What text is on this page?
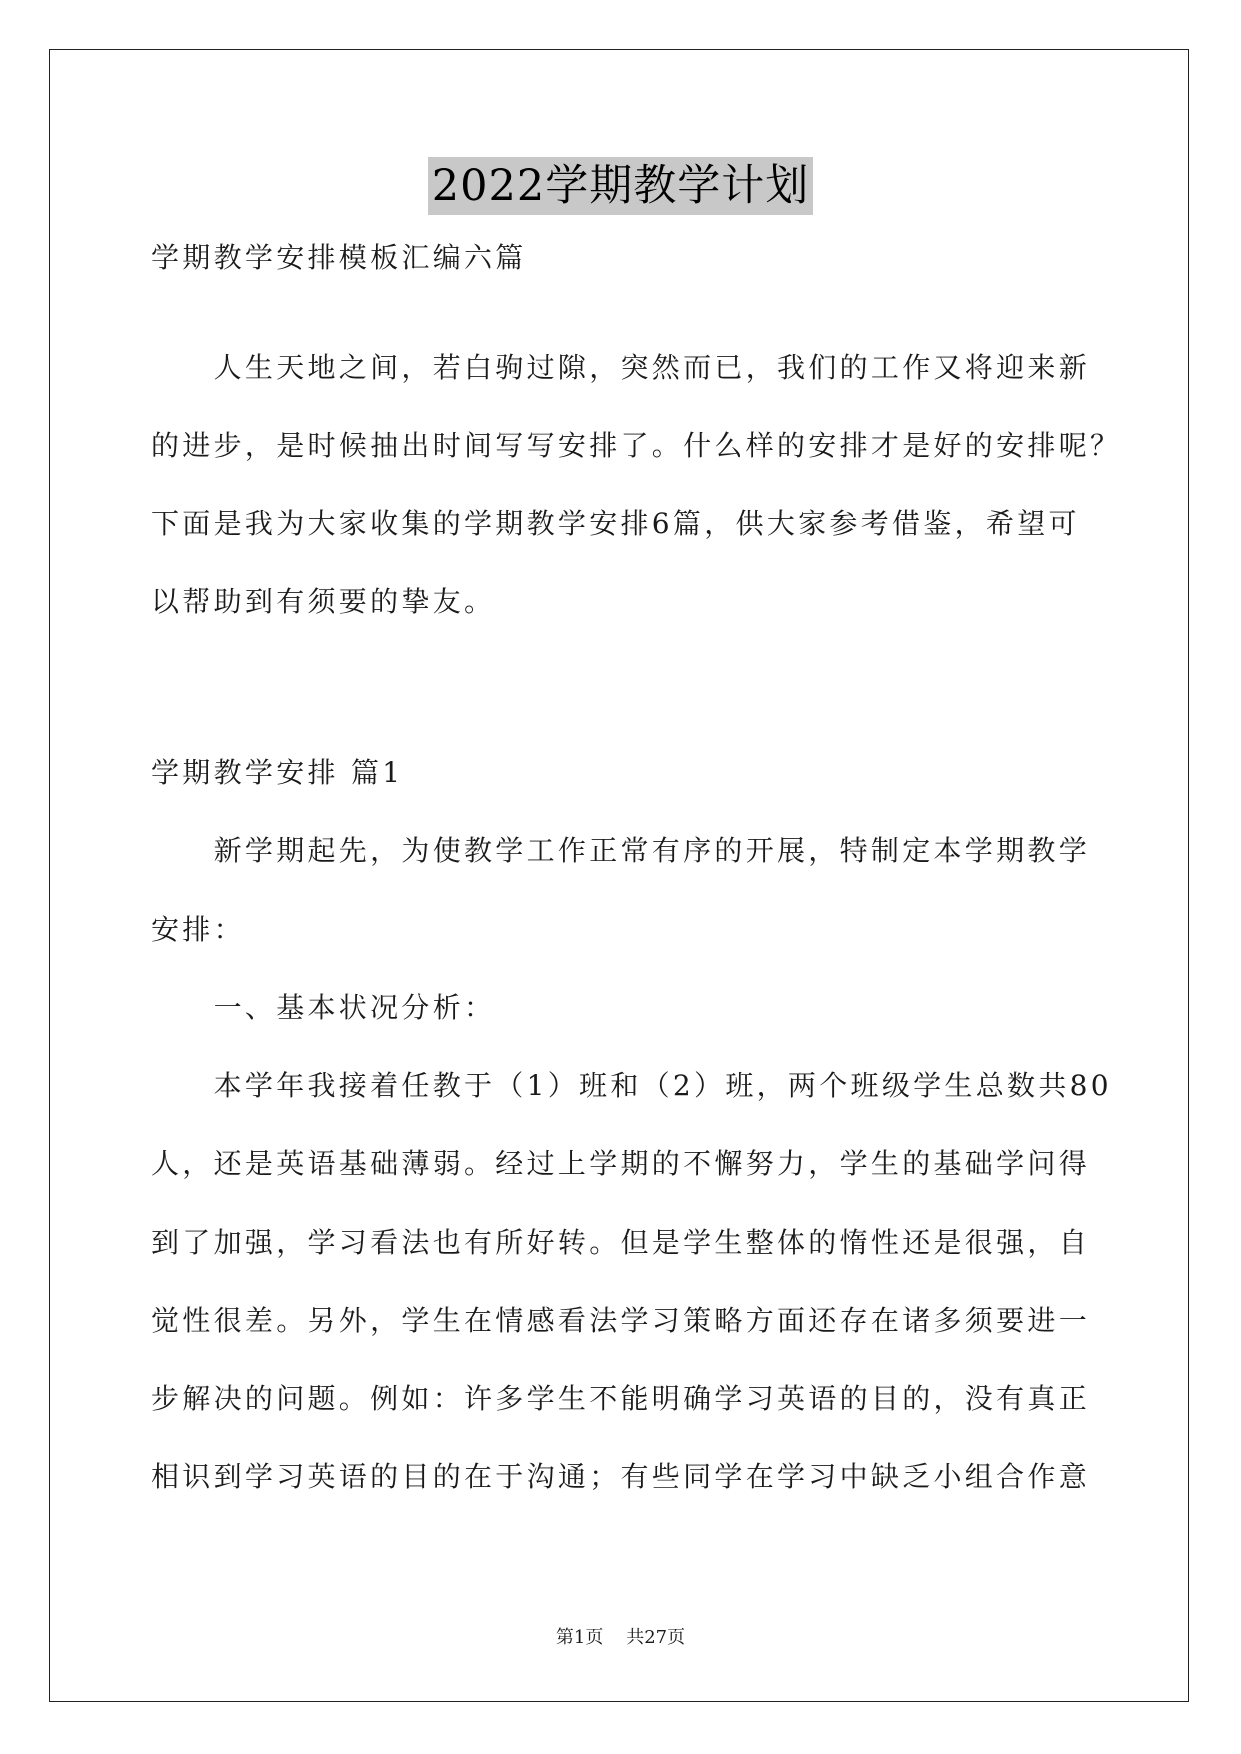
2022学期教学计划
学期教学安排模板汇编六篇
　　人生天地之间，若白驹过隙，突然而已，我们的工作又将迎来新
的进步，是时候抽出时间写写安排了。什么样的安排才是好的安排呢？
下面是我为大家收集的学期教学安排6篇，供大家参考借鉴，希望可
以帮助到有须要的挚友。
学期教学安排 篇1
　　新学期起先，为使教学工作正常有序的开展，特制定本学期教学
安排：
　　一、基本状况分析：
　　本学年我接着任教于（1）班和（2）班，两个班级学生总数共80
人，还是英语基础薄弱。经过上学期的不懈努力，学生的基础学问得
到了加强，学习看法也有所好转。但是学生整体的惰性还是很强，自
觉性很差。另外，学生在情感看法学习策略方面还存在诸多须要进一
步解决的问题。例如：许多学生不能明确学习英语的目的，没有真正
相识到学习英语的目的在于沟通；有些同学在学习中缺乏小组合作意
第1页    共27页
